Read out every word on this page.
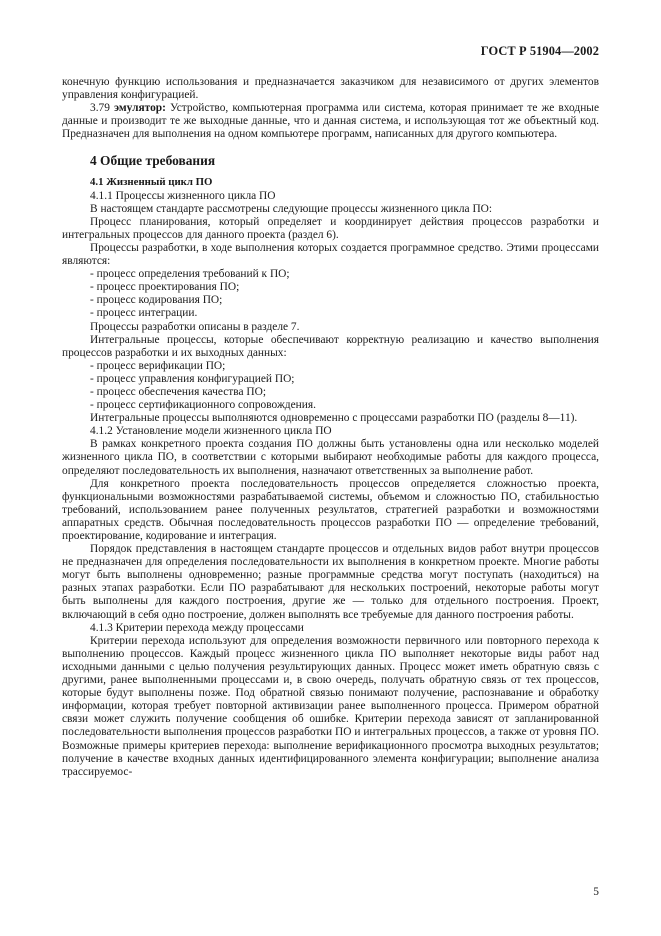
ГОСТ Р 51904—2002

конечную функцию использования и предназначается заказчиком для независимого от других элементов управления конфигурацией.

3.79 эмулятор: Устройство, компьютерная программа или система, которая принимает те же входные данные и производит те же выходные данные, что и данная система, и использующая тот же объектный код. Предназначен для выполнения на одном компьютере программ, написанных для другого компьютера.

4 Общие требования

4.1 Жизненный цикл ПО

4.1.1 Процессы жизненного цикла ПО

В настоящем стандарте рассмотрены следующие процессы жизненного цикла ПО:

Процесс планирования, который определяет и координирует действия процессов разработки и интегральных процессов для данного проекта (раздел 6).

Процессы разработки, в ходе выполнения которых создается программное средство. Этими процессами являются:

- процесс определения требований к ПО;

- процесс проектирования ПО;

- процесс кодирования ПО;

- процесс интеграции.

Процессы разработки описаны в разделе 7.

Интегральные процессы, которые обеспечивают корректную реализацию и качество выполнения процессов разработки и их выходных данных:

- процесс верификации ПО;

- процесс управления конфигурацией ПО;

- процесс обеспечения качества ПО;

- процесс сертификационного сопровождения.

Интегральные процессы выполняются одновременно с процессами разработки ПО (разделы 8—11).

4.1.2 Установление модели жизненного цикла ПО

В рамках конкретного проекта создания ПО должны быть установлены одна или несколько моделей жизненного цикла ПО, в соответствии с которыми выбирают необходимые работы для каждого процесса, определяют последовательность их выполнения, назначают ответственных за выполнение работ.

Для конкретного проекта последовательность процессов определяется сложностью проекта, функциональными возможностями разрабатываемой системы, объемом и сложностью ПО, стабильностью требований, использованием ранее полученных результатов, стратегией разработки и возможностями аппаратных средств. Обычная последовательность процессов разработки ПО — определение требований, проектирование, кодирование и интеграция.

Порядок представления в настоящем стандарте процессов и отдельных видов работ внутри процессов не предназначен для определения последовательности их выполнения в конкретном проекте. Многие работы могут быть выполнены одновременно; разные программные средства могут поступать (находиться) на разных этапах разработки. Если ПО разрабатывают для нескольких построений, некоторые работы могут быть выполнены для каждого построения, другие же — только для отдельного построения. Проект, включающий в себя одно построение, должен выполнять все требуемые для данного построения работы.

4.1.3 Критерии перехода между процессами

Критерии перехода используют для определения возможности первичного или повторного перехода к выполнению процессов. Каждый процесс жизненного цикла ПО выполняет некоторые виды работ над исходными данными с целью получения результирующих данных. Процесс может иметь обратную связь с другими, ранее выполненными процессами и, в свою очередь, получать обратную связь от тех процессов, которые будут выполнены позже. Под обратной связью понимают получение, распознавание и обработку информации, которая требует повторной активизации ранее выполненного процесса. Примером обратной связи может служить получение сообщения об ошибке. Критерии перехода зависят от запланированной последовательности выполнения процессов разработки ПО и интегральных процессов, а также от уровня ПО. Возможные примеры критериев перехода: выполнение верификационного просмотра выходных результатов; получение в качестве входных данных идентифицированного элемента конфигурации; выполнение анализа трассируемос-

5
